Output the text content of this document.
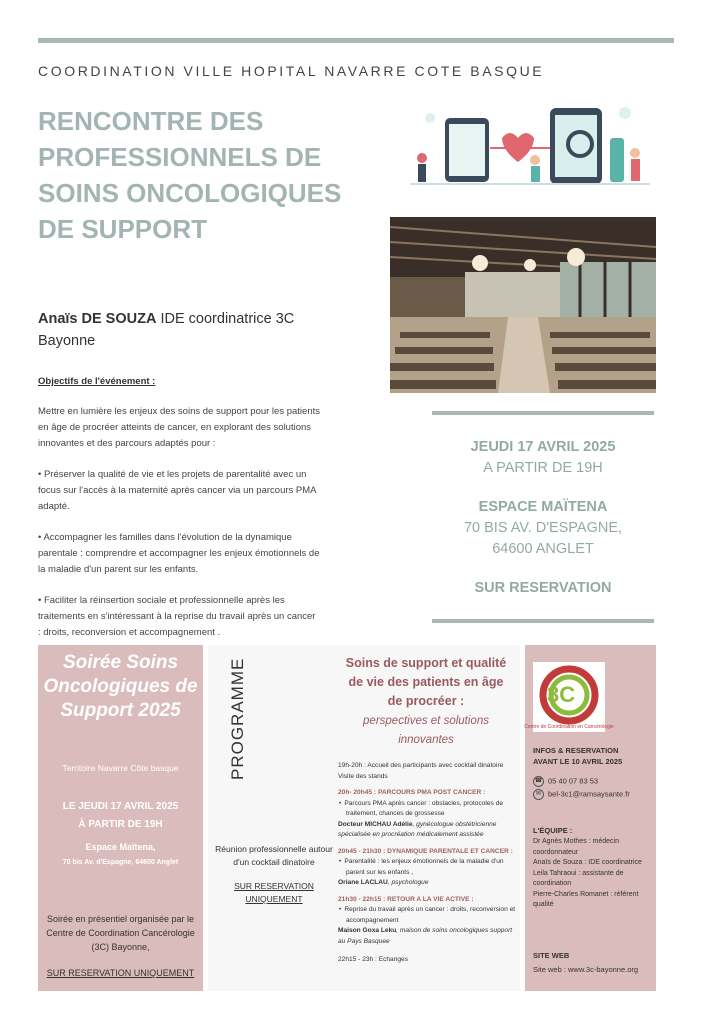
COORDINATION VILLE HOPITAL NAVARRE COTE BASQUE
RENCONTRE DES PROFESSIONNELS DE SOINS ONCOLOGIQUES DE SUPPORT
Anaïs DE SOUZA IDE coordinatrice 3C Bayonne
Objectifs de l'événement :

Mettre en lumière les enjeux des soins de support pour les patients en âge de procréer atteints de cancer, en explorant des solutions innovantes et des parcours adaptés pour :

• Préserver la qualité de vie et les projets de parentalité avec un focus sur l'accès à la maternité après cancer via un parcours PMA adapté.

• Accompagner les familles dans l'évolution de la dynamique parentale : comprendre et accompagner les enjeux émotionnels de la maladie d'un parent sur les enfants.

• Faciliter la réinsertion sociale et professionnelle après les traitements en s'intéressant à la reprise du travail après un cancer : droits, reconversion et accompagnement .

JEUDI 17 AVRIL 2025
A PARTIR DE 19H
ESPACE MAÏTENA
70 BIS AV. D'ESPAGNE,
64600 ANGLET
SUR RESERVATION
Soirée Soins Oncologiques de Support 2025
Territoire Navarre Côte basque
LE JEUDI 17 AVRIL 2025
À PARTIR DE 19H
Espace Maïtena,
70 bis Av. d'Espagne, 64600 Anglet
Soirée en présentiel organisée par le Centre de Coordination Cancérologie (3C) Bayonne,
SUR RESERVATION UNIQUEMENT
PROGRAMME
Réunion professionnelle autour d'un cocktail dinatoire
SUR RESERVATION UNIQUEMENT
Soins de support et qualité de vie des patients en âge de procréer :
perspectives et solutions innovantes

19h-20h : Accueil des participants avec cocktail dinatoire Visite des stands

20h- 20h45 : PARCOURS PMA POST CANCER :
• Parcours PMA après cancer : obstacles, protocoles de traitement, chances de grossesse

Docteur MICHAU Adélie, gynécologue obstétricienne spécialisée en procréation médicalement assistée

20h45 - 21h30 : DYNAMIQUE PARENTALE ET CANCER :
• Parentalité : les enjeux émotionnels de la maladie d'un parent sur les enfants ,

Oriane LACLAU, psychologue

21h30 - 22h15 : RETOUR A LA VIE ACTIVE :
• Reprise du travail après un cancer : droits, reconversion et accompagnement

Maison Goxa Leku, maison de soins oncologiques support au Pays Basquee

22h15 - 23h : Echanges

3C
Centre de Coordination en Cancérologie
INFOS & RESERVATION
AVANT LE 10 AVRIL 2025
☎ 05 40 07 83 53
✉ bel-3c1@ramsaysante.fr
L'ÉQUIPE :

Dr Agnès Mothes : médecin coordonnateur

Anaïs de Souza : IDE coordinatrice

Leila Tahraoui : assistante de coordination

Pierre-Charles Romanet : référent qualité

SITE WEB
Site web : www.3c-bayonne.org
